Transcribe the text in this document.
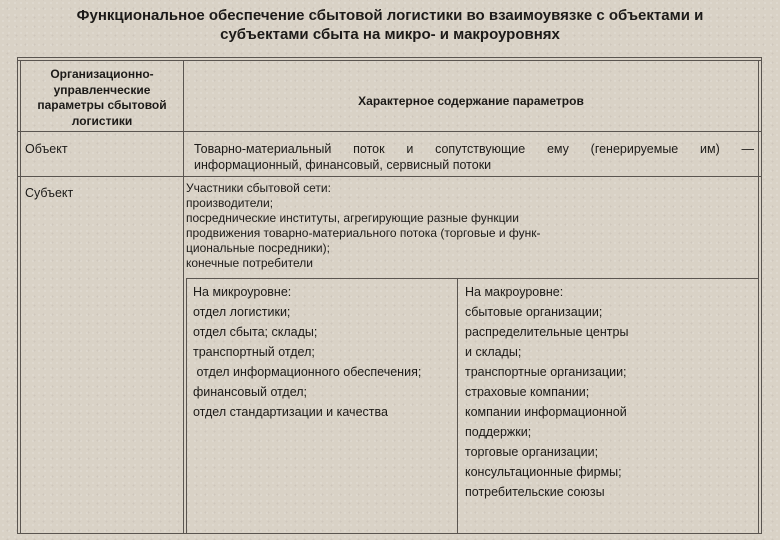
Функциональное обеспечение сбытовой логистики во взаимоувязке с объектами и
субъектами сбыта на микро- и макроуровнях
Организационно-
управленческие
параметры сбытовой
логистики
Характерное содержание параметров
Объект	Товарно-материальный поток и сопутствующие ему (генерируемые им) —
информационный, финансовый, сервисный потоки
Субъект	Участники сбытовой сети:
производители;
посреднические институты, агрегирующие разные функции
продвижения товарно-материального потока (торговые и функ-
циональные посредники);
конечные потребители
На микроуровне:
отдел логистики;
отдел сбыта; склады;
транспортный отдел;
отдел информационного обеспечения;
финансовый отдел;
отдел стандартизации и качества
На макроуровне:
сбытовые организации;
распределительные центры
и склады;
транспортные организации;
страховые компании;
компании информационной
поддержки;
торговые организации;
консультационные фирмы;
потребительские союзы
